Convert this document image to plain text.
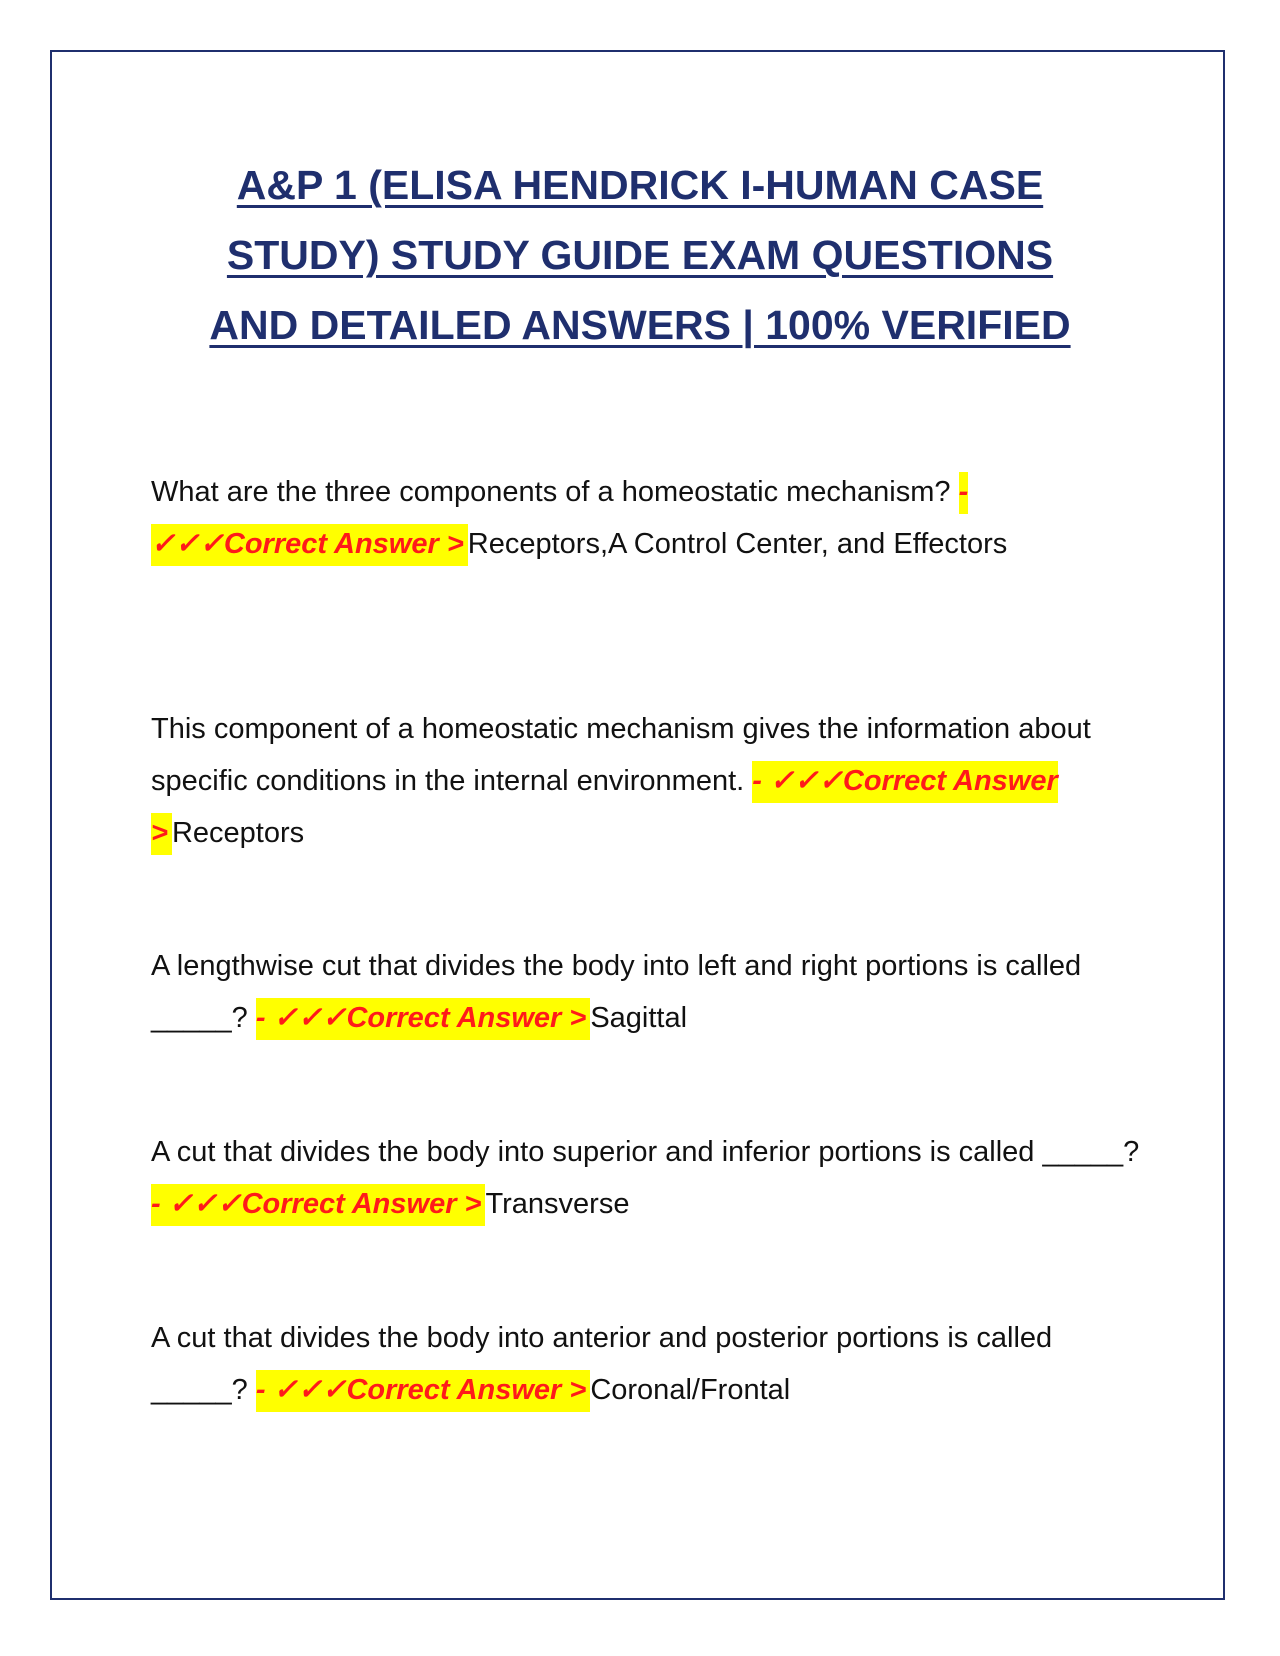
A&P 1 (ELISA HENDRICK I-HUMAN CASE
STUDY) STUDY GUIDE EXAM QUESTIONS
AND DETAILED ANSWERS | 100% VERIFIED
What are the three components of a homeostatic mechanism? - ✓✓✓Correct Answer > Receptors,A Control Center, and Effectors
This component of a homeostatic mechanism gives the information about specific conditions in the internal environment. - ✓✓✓Correct Answer > Receptors
A lengthwise cut that divides the body into left and right portions is called _____? - ✓✓✓Correct Answer > Sagittal
A cut that divides the body into superior and inferior portions is called _____? - ✓✓✓Correct Answer > Transverse
A cut that divides the body into anterior and posterior portions is called _____? - ✓✓✓Correct Answer > Coronal/Frontal
